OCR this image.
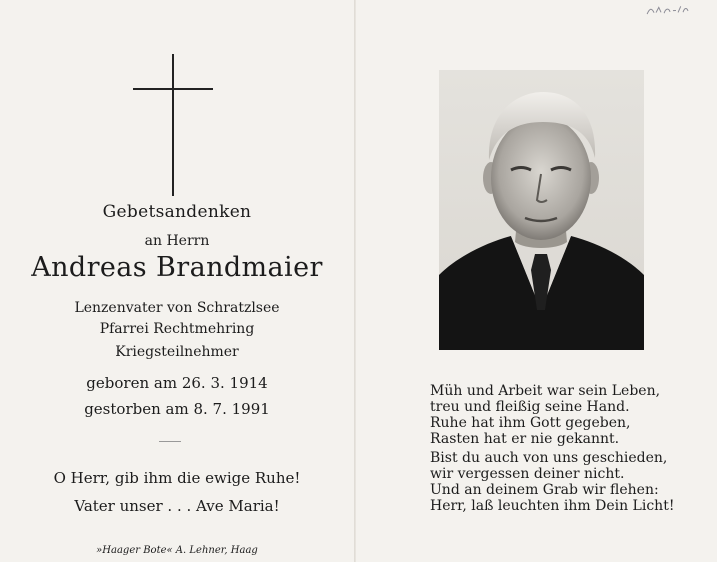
Gebetsandenken
an Herrn
Andreas Brandmaier
Lenzenvater von Schratzlsee
Pfarrei Rechtmehring
Kriegsteilnehmer
geboren am 26. 3. 1914
gestorben am 8. 7. 1991
O Herr, gib ihm die ewige Ruhe!
Vater unser . . . Ave Maria!
»Haager Bote« A. Lehner, Haag
Müh und Arbeit war sein Leben,
treu und fleißig seine Hand.
Ruhe hat ihm Gott gegeben,
Rasten hat er nie gekannt.
Bist du auch von uns geschieden,
wir vergessen deiner nicht.
Und an deinem Grab wir flehen:
Herr, laß leuchten ihm Dein Licht!
